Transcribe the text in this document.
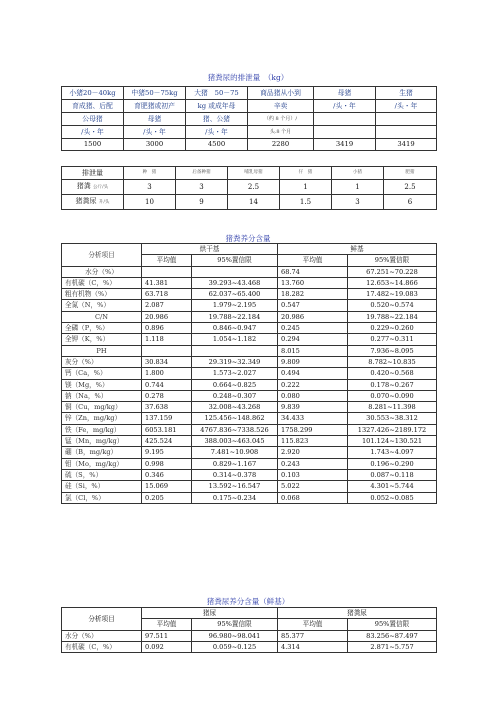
猪粪尿的排泄量　（kg）
小猪20－40kg	中猪50－75kg	大猪　50－75	商品猪从小到	母猪	生猪
育成猪、后配	育肥猪或初产	kg 或成年母	辛卖	/头・年	/头・年
公母猪	母猪	猪、公猪	（约 8 个月）/		
/头・年	/头・年	/头・年	头.8 个月		
1500	3000	4500	2280	3419	3419
排泄量	种　猪	后备种猪	哺乳母猪	仔　猪	小猪	肥猪
猪粪 公斤/头	3	3	2.5	1	1	2.5
猪粪尿 升/头	10	9	14	1.5	3	6
猪粪养分含量
分析项目	烘干基		鲜基	
	平均值	95%置信限	平均值	95%置信限
水分（%）			68.74	67.251~70.228
有机碳（C，%）	41.381	39.293~43.468	13.760	12.653~14.866
粗有机物（%）	63.718	62.037~65.400	18.282	17.482~19.083
全氮（N，%）	2.087	1.979~2.195	0.547	0.520~0.574
C/N	20.986	19.788~22.184	20.986	19.788~22.184
全磷（P，%）	0.896	0.846~0.947	0.245	0.229~0.260
全钾（K，%）	1.118	1.054~1.182	0.294	0.277~0.311
PH			8.015	7.936~8.095
灰分（%）	30.834	29.319~32.349	9.809	8.782~10.835
钙（Ca，%）	1.800	1.573~2.027	0.494	0.420~0.568
镁（Mg，%）	0.744	0.664~0.825	0.222	0.178~0.267
钠（Na，%）	0.278	0.248~0.307	0.080	0.070~0.090
铜（Cu，mg/kg）	37.638	32.008~43.268	9.839	8.281~11.398
锌（Zn，mg/kg）	137.159	125.456~148.862	34.433	30.553~38.312
铁（Fe，mg/kg）	6053.181	4767.836~7338.526	1758.299	1327.426~2189.172
锰（Mn，mg/kg）	425.524	388.003~463.045	115.823	101.124~130.521
硼（B，mg/kg）	9.195	7.481~10.908	2.920	1.743~4.097
钼（Mo，mg/kg）	0.998	0.829~1.167	0.243	0.196~0.290
硫（S，%）	0.346	0.314~0.378	0.103	0.087~0.118
硅（Si，%）	15.069	13.592~16.547	5.022	4.301~5.744
氯（Cl，%）	0.205	0.175~0.234	0.068	0.052~0.085
猪粪尿养分含量（鲜基）
分析项目	猪尿		猪粪尿	
	平均值	95%置信限	平均值	95%置信限
水分（%）	97.511	96.980~98.041	85.377	83.256~87.497
有机碳（C，%）	0.092	0.059~0.125	4.314	2.871~5.757
